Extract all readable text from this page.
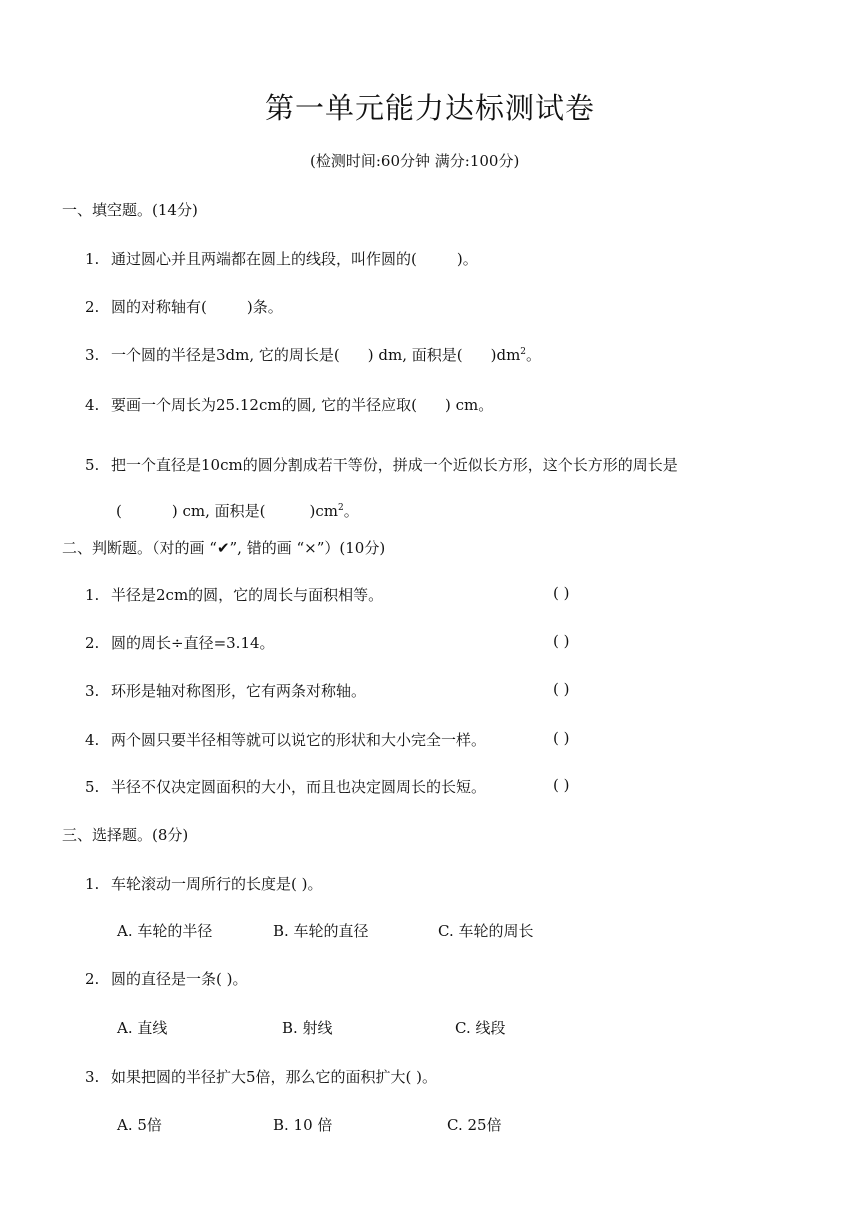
第一单元能力达标测试卷
(检测时间:60分钟 满分:100分)
一、填空题。(14分)
1. 通过圆心并且两端都在圆上的线段，叫作圆的(	)。
2. 圆的对称轴有(	)条。
3. 一个圆的半径是3dm, 它的周长是( ) dm, 面积是( )$dm^2$。
4. 要画一个周长为25.12cm的圆, 它的半径应取( ) cm。
5. 把一个直径是10cm的圆分割成若干等份，拼成一个近似长方形，这个长方形的周长是
(	) cm, 面积是(	)$cm^2$。
二、判断题。（对的画 “✔”, 错的画 “×”）(10分)
1. 半径是2cm的圆，它的周长与面积相等。	( )
2. 圆的周长÷直径=3.14。	( )
3. 环形是轴对称图形，它有两条对称轴。	( )
4. 两个圆只要半径相等就可以说它的形状和大小完全一样。	( )
5. 半径不仅决定圆面积的大小，而且也决定圆周长的长短。	( )
三、选择题。(8分)
1. 车轮滚动一周所行的长度是( )。
A. 车轮的半径	B. 车轮的直径	C. 车轮的周长
2. 圆的直径是一条( )。
A. 直线	B. 射线	C. 线段
3. 如果把圆的半径扩大5倍，那么它的面积扩大( )。
A. 5倍	B. 10 倍	C. 25倍
